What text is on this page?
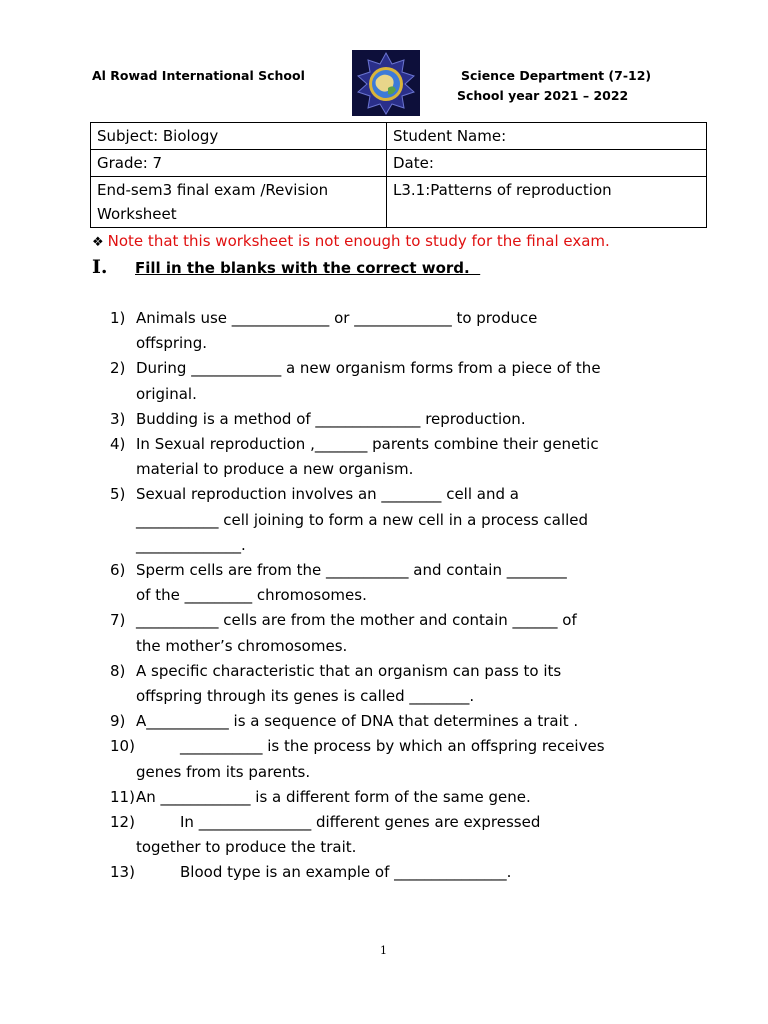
Al Rowad International School	Science Department (7-12)
School year 2021 – 2022
Subject: Biology	Student Name:
Grade: 7	Date:
End-sem3 final exam /Revision
Worksheet	L3.1:Patterns of reproduction
❖ Note that this worksheet is not enough to study for the final exam.
I. Fill in the blanks with the correct word.
1) Animals use _____________ or _____________ to produce
offspring.
2) During ____________ a new organism forms from a piece of the
original.
3) Budding is a method of ______________ reproduction.
4) In Sexual reproduction ,_______ parents combine their genetic
material to produce a new organism.
5) Sexual reproduction involves an ________ cell and a
___________ cell joining to form a new cell in a process called
______________.
6) Sperm cells are from the ___________ and contain ________
of the _________ chromosomes.
7) ___________ cells are from the mother and contain ______ of
the mother’s chromosomes.
8) A specific characteristic that an organism can pass to its
offspring through its genes is called ________.
9) A___________ is a sequence of DNA that determines a trait .
10)	___________ is the process by which an offspring receives
genes from its parents.
11) An ____________ is a different form of the same gene.
12)	In _______________ different genes are expressed
together to produce the trait.
13)	Blood type is an example of _______________.
1
